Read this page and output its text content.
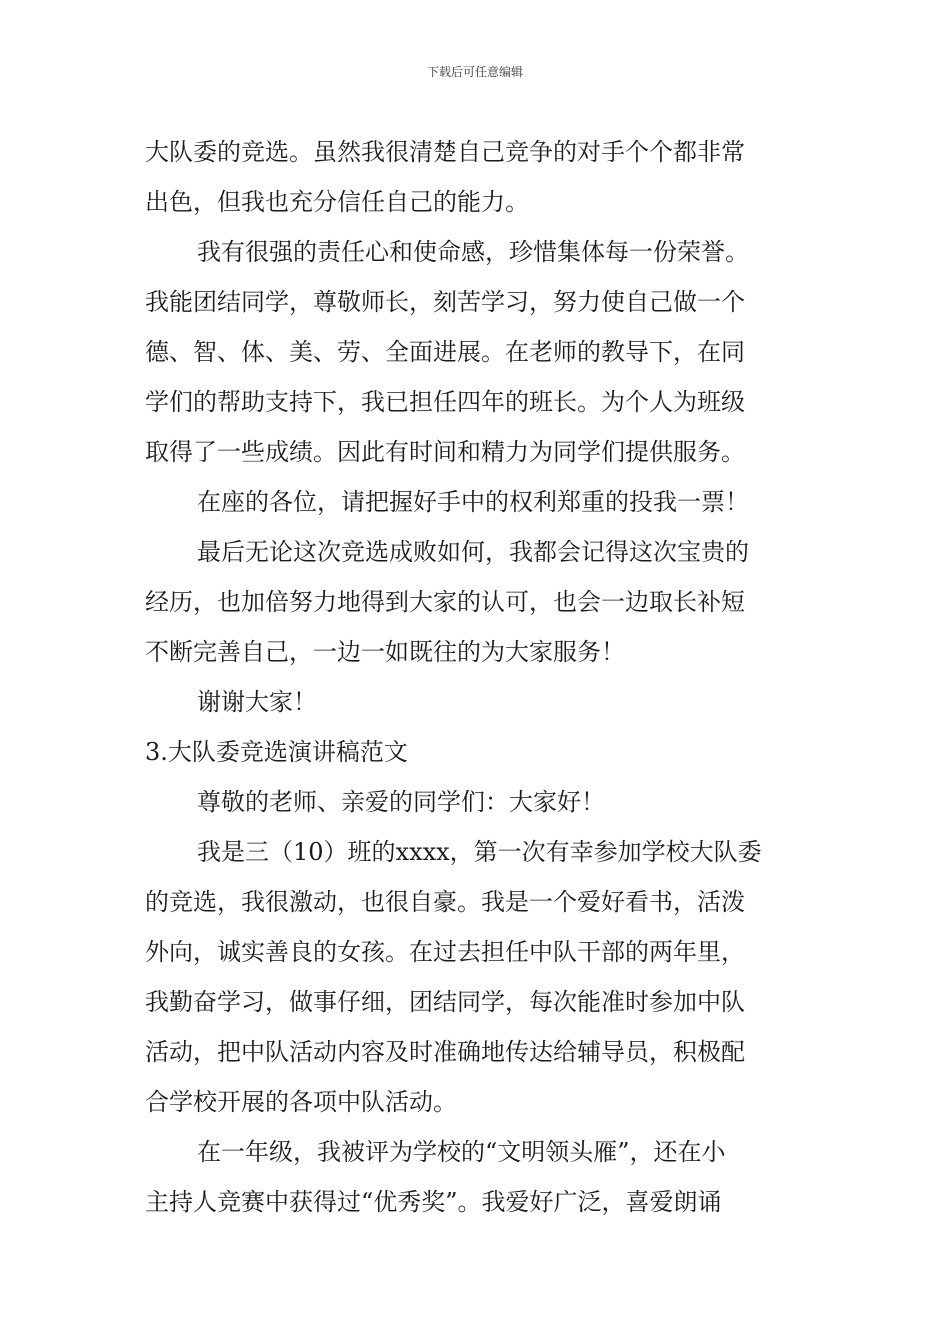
下载后可任意编辑
大队委的竞选。虽然我很清楚自己竞争的对手个个都非常
出色，但我也充分信任自己的能力。
我有很强的责任心和使命感，珍惜集体每一份荣誉。
我能团结同学，尊敬师长，刻苦学习，努力使自己做一个
德、智、体、美、劳、全面进展。在老师的教导下，在同
学们的帮助支持下，我已担任四年的班长。为个人为班级
取得了一些成绩。因此有时间和精力为同学们提供服务。
在座的各位，请把握好手中的权利郑重的投我一票！
最后无论这次竞选成败如何，我都会记得这次宝贵的
经历，也加倍努力地得到大家的认可，也会一边取长补短
不断完善自己，一边一如既往的为大家服务！
谢谢大家！
3.大队委竞选演讲稿范文
尊敬的老师、亲爱的同学们：大家好！
我是三（10）班的xxxx，第一次有幸参加学校大队委
的竞选，我很激动，也很自豪。我是一个爱好看书，活泼
外向，诚实善良的女孩。在过去担任中队干部的两年里，
我勤奋学习，做事仔细，团结同学，每次能准时参加中队
活动，把中队活动内容及时准确地传达给辅导员，积极配
合学校开展的各项中队活动。
在一年级，我被评为学校的“文明领头雁”，还在小
主持人竞赛中获得过“优秀奖”。我爱好广泛，喜爱朗诵
